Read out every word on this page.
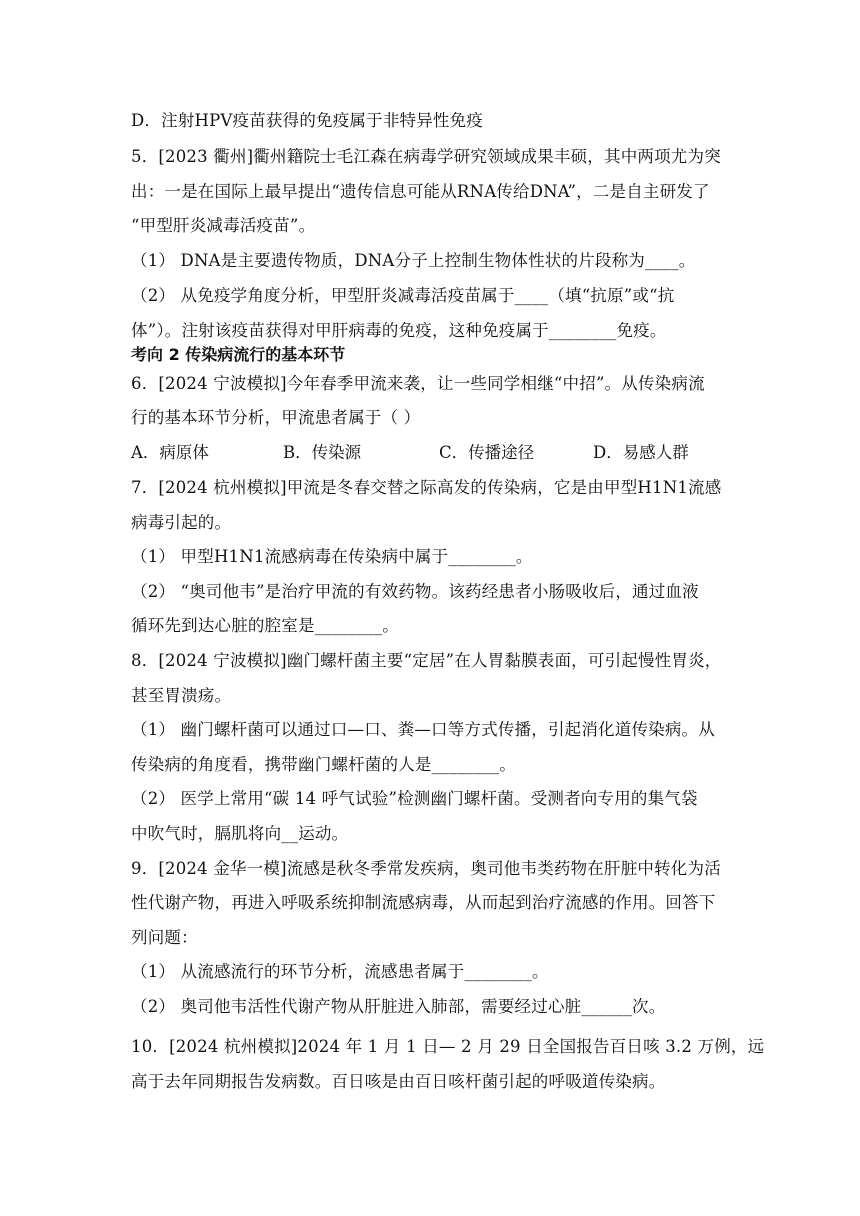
D．注射HPV疫苗获得的免疫属于非特异性免疫
5．[2023 衢州]衢州籍院士毛江森在病毒学研究领域成果丰硕，其中两项尤为突
出：一是在国际上最早提出“遗传信息可能从RNA传给DNA”，二是自主研发了
“甲型肝炎减毒活疫苗”。
（1） DNA是主要遗传物质，DNA分子上控制生物体性状的片段称为____。
（2） 从免疫学角度分析，甲型肝炎减毒活疫苗属于____（填“抗原”或“抗
体”）。注射该疫苗获得对甲肝病毒的免疫，这种免疫属于________免疫。
考向 2 传染病流行的基本环节
6．[2024 宁波模拟]今年春季甲流来袭，让一些同学相继“中招”。从传染病流
行的基本环节分析，甲流患者属于（ ）
A．病原体	B．传染源	C．传播途径	D．易感人群
7．[2024 杭州模拟]甲流是冬春交替之际高发的传染病，它是由甲型H1N1流感
病毒引起的。
（1） 甲型H1N1流感病毒在传染病中属于________。
（2） “奥司他韦”是治疗甲流的有效药物。该药经患者小肠吸收后，通过血液
循环先到达心脏的腔室是________。
8．[2024 宁波模拟]幽门螺杆菌主要“定居”在人胃黏膜表面，可引起慢性胃炎，
甚至胃溃疡。
（1） 幽门螺杆菌可以通过口—口、粪—口等方式传播，引起消化道传染病。从
传染病的角度看，携带幽门螺杆菌的人是________。
（2） 医学上常用“碳 14 呼气试验”检测幽门螺杆菌。受测者向专用的集气袋
中吹气时，膈肌将向__运动。
9．[2024 金华一模]流感是秋冬季常发疾病，奥司他韦类药物在肝脏中转化为活
性代谢产物，再进入呼吸系统抑制流感病毒，从而起到治疗流感的作用。回答下
列问题：
（1） 从流感流行的环节分析，流感患者属于________。
（2） 奥司他韦活性代谢产物从肝脏进入肺部，需要经过心脏______次。
10．[2024 杭州模拟]2024 年 1 月 1 日— 2 月 29 日全国报告百日咳 3.2 万例，远
高于去年同期报告发病数。百日咳是由百日咳杆菌引起的呼吸道传染病。
